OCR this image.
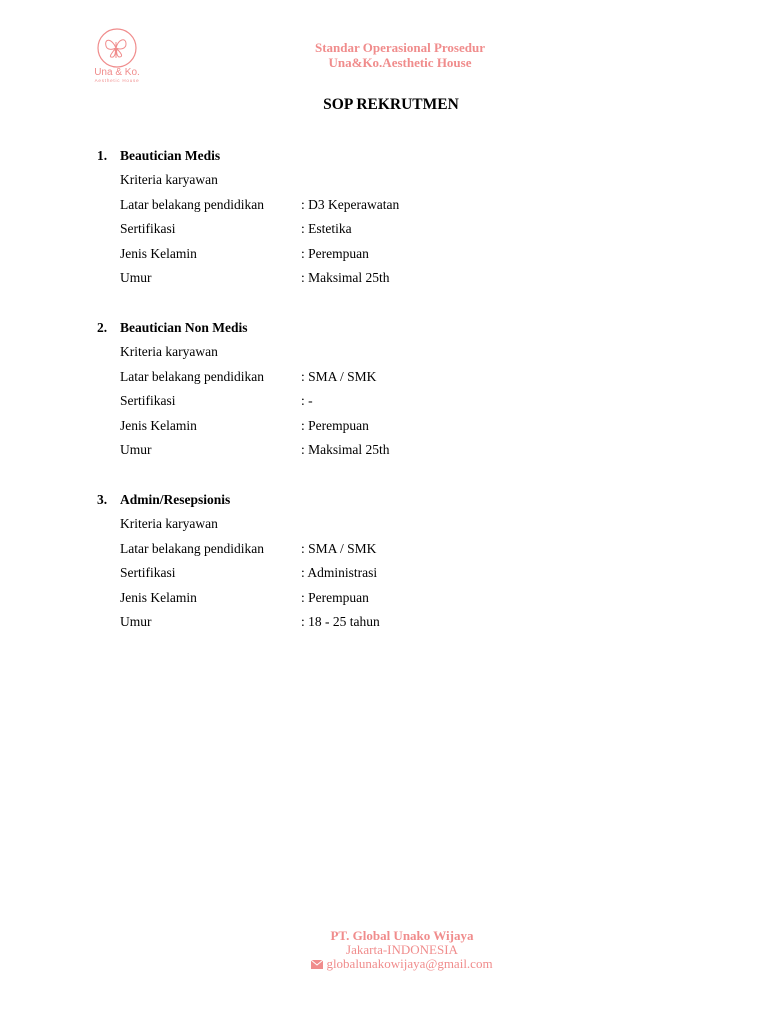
Una & Ko.
Aesthetic House
Standar Operasional Prosedur
Una&Ko.Aesthetic House
SOP REKRUTMEN
1. Beautician Medis
Kriteria karyawan
Latar belakang pendidikan	: D3 Keperawatan
Sertifikasi	: Estetika
Jenis Kelamin	: Perempuan
Umur	: Maksimal 25th
2. Beautician Non Medis
Kriteria karyawan
Latar belakang pendidikan	: SMA / SMK
Sertifikasi	: -
Jenis Kelamin	: Perempuan
Umur	: Maksimal 25th
3. Admin/Resepsionis
Kriteria karyawan
Latar belakang pendidikan	: SMA / SMK
Sertifikasi	: Administrasi
Jenis Kelamin	: Perempuan
Umur	: 18 - 25 tahun
PT. Global Unako Wijaya
Jakarta-INDONESIA
globalunakowijaya@gmail.com
